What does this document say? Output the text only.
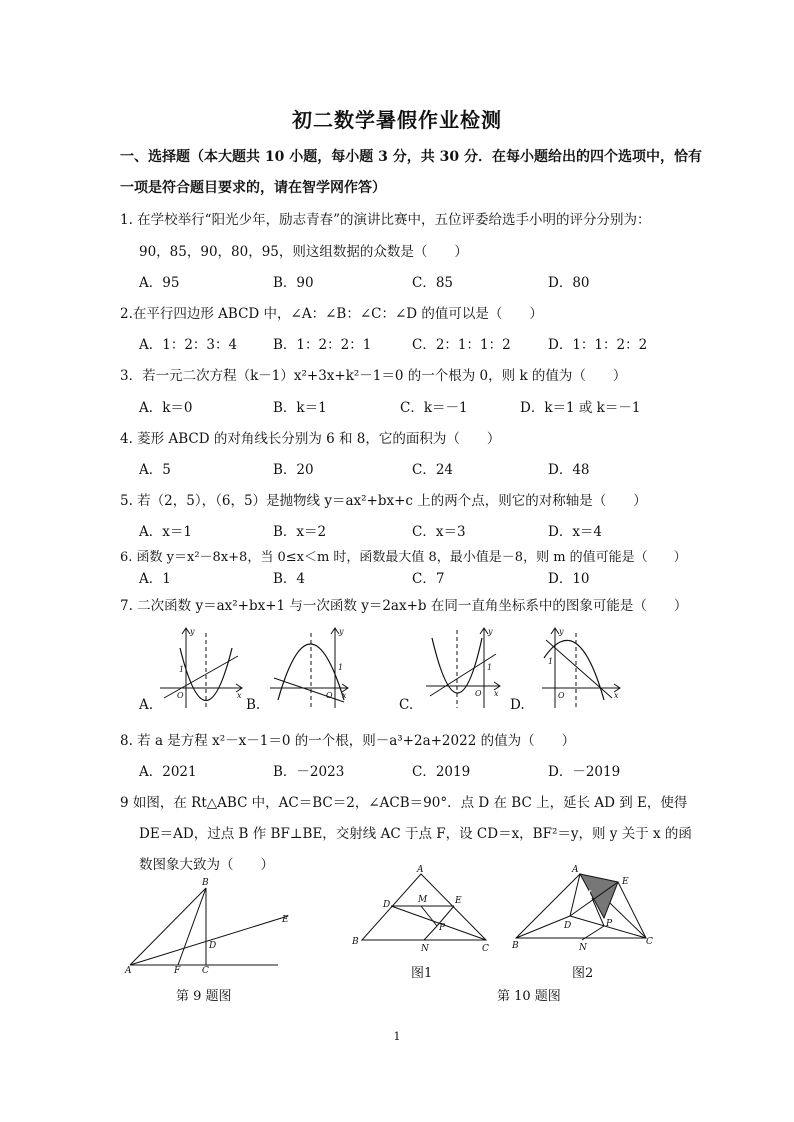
初二数学暑假作业检测
一、选择题（本大题共 10 小题，每小题 3 分，共 30 分．在每小题给出的四个选项中，恰有
一项是符合题目要求的，请在智学网作答）
1. 在学校举行“阳光少年，励志青春”的演讲比赛中，五位评委给选手小明的评分分别为：
90，85，90，80，95，则这组数据的众数是（　　）
A．95	B．90	C．85	D．80
2.在平行四边形 ABCD 中，∠A：∠B：∠C：∠D 的值可以是（　　）
A．1：2：3：4	B．1：2：2：1	C．2：1：1：2	D．1：1：2：2
3．若一元二次方程（k－1）x²+3x+k²－1＝0 的一个根为 0，则 k 的值为（　　）
A．k＝0	B．k＝1	C．k＝－1	D．k＝1 或 k＝－1
4. 菱形 ABCD 的对角线长分别为 6 和 8，它的面积为（　　）
A．5	B．20	C．24	D．48
5. 若（2，5），（6，5）是抛物线 y＝ax²+bx+c 上的两个点，则它的对称轴是（　　）
A．x＝1	B．x＝2	C．x＝3	D．x＝4
6. 函数 y＝x²－8x+8，当 0≤x＜m 时，函数最大值 8，最小值是－8，则 m 的值可能是（　　）
A．1	B．4	C．7	D．10
7. 二次函数 y＝ax²+bx+1 与一次函数 y＝2ax+b 在同一直角坐标系中的图象可能是（　　）
y
x
O
1
y
x
O
1
y
x
O
1
y
x
O
1
A.	B.	C.	D.
8. 若 a 是方程 x²－x－1＝0 的一个根，则－a³+2a+2022 的值为（　　）
A．2021	B．－2023	C．2019	D．－2019
9 如图，在 Rt△ABC 中，AC＝BC＝2，∠ACB＝90°．点 D 在 BC 上，延长 AD 到 E，使得
DE＝AD，过点 B 作 BF⊥BE，交射线 AC 于点 F，设 CD＝x，BF²＝y，则 y 关于 x 的函
数图象大致为（　　）
B
E
D
A	F C
第 9 题图
A
D	M	E
P
B
N	C
图1
A
E
M
D	P
B	N
C
图2
第 10 题图
1
